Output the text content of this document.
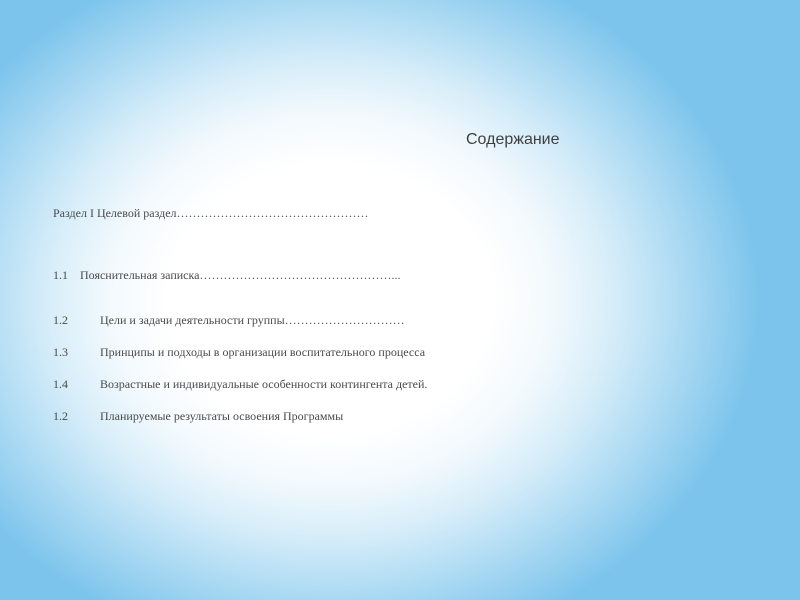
Содержание
Раздел I Целевой раздел…………………………………………
1.1 Пояснительная записка…………………………………………...
1.2	Цели и задачи деятельности группы…………………………
1.3	Принципы и подходы в организации воспитательного процесса
1.4	Возрастные и индивидуальные особенности контингента детей.
1.2	Планируемые результаты освоения Программы
